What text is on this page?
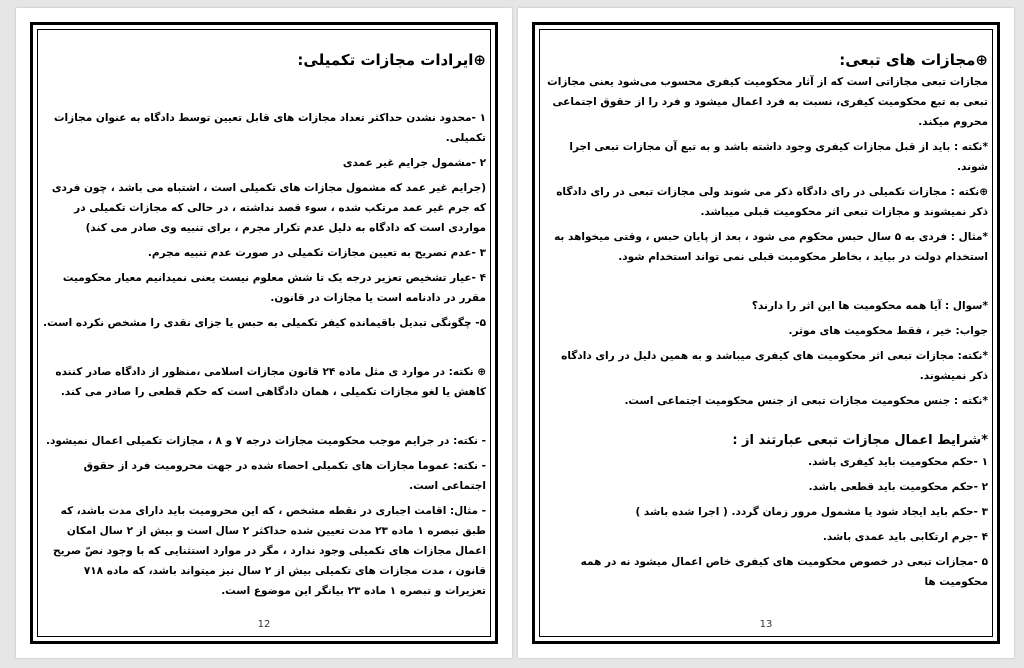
⊕ایرادات مجازات تکمیلی:

۱ -محدود نشدن حداکثر تعداد مجازات های قابل تعیین توسط دادگاه به عنوان مجازات تکمیلی.

۲ -مشمول جرایم غیر عمدی

(جرایم غیر عمد که مشمول مجازات های تکمیلی است ، اشتباه می باشد ، چون فردی که جرم غیر عمد مرتکب شده ، سوء قصد نداشته ، در حالی که مجازات تکمیلی در مواردی است که دادگاه به دلیل عدم تکرار مجرم ، برای تنبیه وی صادر می کند)

۳ -عدم تصریح به تعیین مجازات تکمیلی در صورت عدم تنبیه مجرم.

۴ -عیار تشخیص تعزیر درجه یک تا شش معلوم نیست یعنی نمیدانیم معیار محکومیت مقرر در دادنامه است یا مجازات در قانون.

۵- چگونگی تبدیل باقیمانده کیفر تکمیلی به حبس یا جزای نقدی را مشخص نکرده است.

⊕ نکته: در موارد ی مثل ماده ۲۴ قانون مجازات اسلامی ،منظور از دادگاه صادر کننده کاهش یا لغو مجازات تکمیلی ، همان دادگاهی است که حکم قطعی را صادر می کند.

- نکته: در جرایم موجب محکومیت مجازات درجه ۷ و ۸ ، مجازات تکمیلی اعمال نمیشود.

- نکته: عموما مجازات های تکمیلی احصاء شده در جهت محرومیت فرد از حقوق اجتماعی است.

- مثال: اقامت اجباری در نقطه مشخص ، که این محرومیت باید دارای مدت باشد، که طبق تبصره ۱ ماده ۲۳ مدت تعیین شده حداکثر ۲ سال است و بیش از ۲ سال امکان اعمال مجازات های تکمیلی وجود ندارد ، مگر در موارد استثنایی که با وجود نصّ صریح قانون ، مدت مجازات های تکمیلی بیش از ۲ سال نیز میتواند باشد، که ماده ۷۱۸ تعزیرات و تبصره ۱ ماده ۲۳ بیانگر این موضوع است.

12
⊕مجازات های تبعی:

مجازات تبعی مجازاتی است که از آثار محکومیت کیفری محسوب می‌شود یعنی مجازات تبعی به تبع محکومیت کیفری، نسبت به فرد اعمال میشود و فرد را از حقوق اجتماعی محروم میکند.

*نکته : باید از قبل مجازات کیفری وجود داشته باشد و به تبع آن مجازات تبعی اجرا شوند.

⊕نکته : مجازات تکمیلی در رای دادگاه ذکر می شوند ولی مجازات تبعی در رای دادگاه ذکر نمیشوند و مجازات تبعی اثر محکومیت قبلی میباشد.

*مثال : فردی به ۵ سال حبس محکوم می شود ، بعد از پایان حبس ، وقتی میخواهد به استخدام دولت در بیاید ، بخاطر محکومیت قبلی نمی تواند استخدام شود.

*سوال : آیا همه محکومیت ها این اثر را دارند؟

جواب: خیر ، فقط محکومیت های موثر.

*نکته: مجازات تبعی اثر محکومیت های کیفری میباشد و به همین دلیل در رای دادگاه ذکر نمیشوند.

*نکته : جنس محکومیت مجازات تبعی از جنس محکومیت اجتماعی است.

*شرایط اعمال مجازات تبعی عبارتند از :

۱ -حکم محکومیت باید کیفری باشد.

۲ -حکم محکومیت باید قطعی باشد.

۳ -حکم باید ایجاد شود یا مشمول مرور زمان گردد. ( اجرا شده باشد )

۴ -جرم ارتکابی باید عمدی باشد.

۵ -مجازات تبعی در خصوص محکومیت های کیفری خاص اعمال میشود نه در همه محکومیت ها

13
